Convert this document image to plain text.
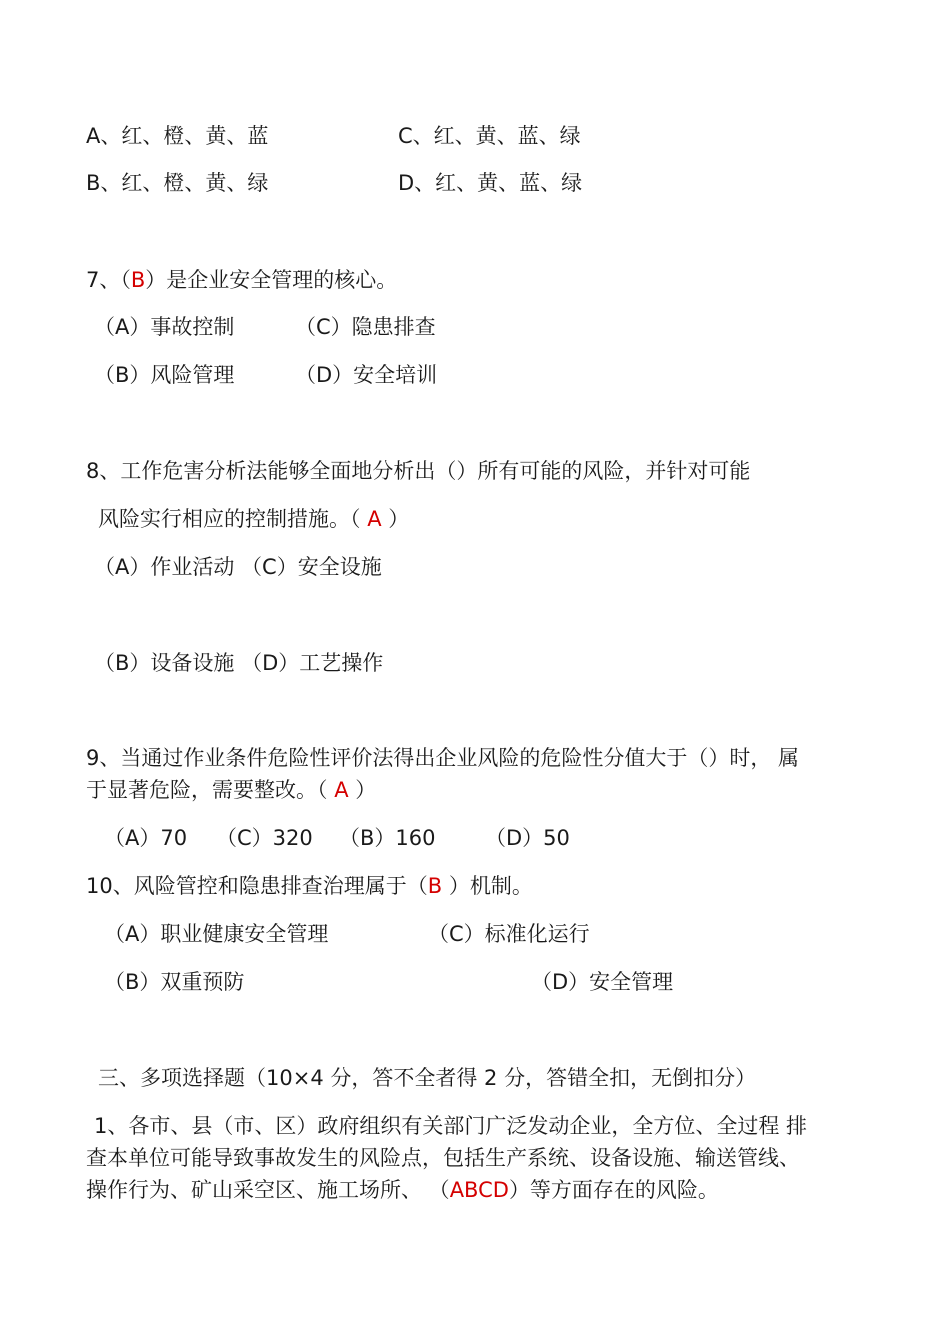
A、红、橙、黄、蓝	C、红、黄、蓝、绿
B、红、橙、黄、绿	D、红、黄、蓝、绿
7、（B）是企业安全管理的核心。
（A）事故控制	（C）隐患排查
（B）风险管理	（D）安全培训
8、工作危害分析法能够全面地分析出（）所有可能的风险，并针对可能
风险实行相应的控制措施。（ A ）
（A）作业活动 （C）安全设施
（B）设备设施 （D）工艺操作
9、当通过作业条件危险性评价法得出企业风险的危险性分值大于（）时， 属
于显著危险，需要整改。（ A ）
（A）70 （C）320 （B）160 （D）50
10、风险管控和隐患排查治理属于（B ）机制。
（A）职业健康安全管理	（C）标准化运行
（B）双重预防	（D）安全管理
三、多项选择题（10×4 分，答不全者得 2 分，答错全扣，无倒扣分）
1、各市、县（市、区）政府组织有关部门广泛发动企业，全方位、全过程 排
查本单位可能导致事故发生的风险点，包括生产系统、设备设施、输送管线、
操作行为、矿山采空区、施工场所、 （ABCD）等方面存在的风险。
